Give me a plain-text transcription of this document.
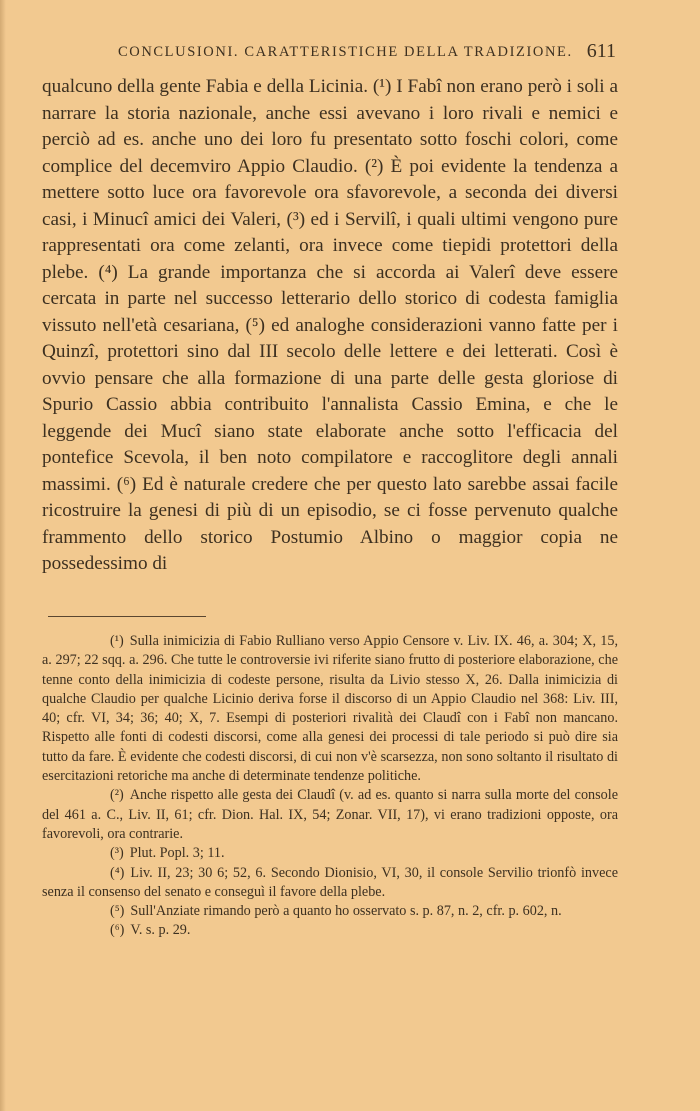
CONCLUSIONI. CARATTERISTICHE DELLA TRADIZIONE. 611

qualcuno della gente Fabia e della Licinia. (¹) I Fabî non erano però i soli a narrare la storia nazionale, anche essi avevano i loro rivali e nemici e perciò ad es. anche uno dei loro fu presentato sotto foschi colori, come complice del decemviro Appio Claudio. (²) È poi evidente la tendenza a mettere sotto luce ora favorevole ora sfavorevole, a seconda dei diversi casi, i Minucî amici dei Valeri, (³) ed i Servilî, i quali ultimi vengono pure rappresentati ora come zelanti, ora invece come tiepidi protettori della plebe. (⁴) La grande importanza che si accorda ai Valerî deve essere cercata in parte nel successo letterario dello storico di codesta famiglia vissuto nell'età cesariana, (⁵) ed analoghe considerazioni vanno fatte per i Quinzî, protettori sino dal III secolo delle lettere e dei letterati. Così è ovvio pensare che alla formazione di una parte delle gesta gloriose di Spurio Cassio abbia contribuito l'annalista Cassio Emina, e che le leggende dei Mucî siano state elaborate anche sotto l'efficacia del pontefice Scevola, il ben noto compilatore e raccoglitore degli annali massimi. (⁶) Ed è naturale credere che per questo lato sarebbe assai facile ricostruire la genesi di più di un episodio, se ci fosse pervenuto qualche frammento dello storico Postumio Albino o maggior copia ne possedessimo di

(¹) Sulla inimicizia di Fabio Rulliano verso Appio Censore v. Liv. IX. 46, a. 304; X, 15, a. 297; 22 sqq. a. 296. Che tutte le controversie ivi riferite siano frutto di posteriore elaborazione, che tenne conto della inimicizia di codeste persone, risulta da Livio stesso X, 26. Dalla inimicizia di qualche Claudio per qualche Licinio deriva forse il discorso di un Appio Claudio nel 368: Liv. III, 40; cfr. VI, 34; 36; 40; X, 7. Esempi di posteriori rivalità dei Claudî con i Fabî non mancano. Rispetto alle fonti di codesti discorsi, come alla genesi dei processi di tale periodo si può dire sia tutto da fare. È evidente che codesti discorsi, di cui non v'è scarsezza, non sono soltanto il risultato di esercitazioni retoriche ma anche di determinate tendenze politiche.

(²) Anche rispetto alle gesta dei Claudî (v. ad es. quanto si narra sulla morte del console del 461 a. C., Liv. II, 61; cfr. Dion. Hal. IX, 54; Zonar. VII, 17), vi erano tradizioni opposte, ora favorevoli, ora contrarie.

(³) Plut. Popl. 3; 11.

(⁴) Liv. II, 23; 30 6; 52, 6. Secondo Dionisio, VI, 30, il console Servilio trionfò invece senza il consenso del senato e conseguì il favore della plebe.

(⁵) Sull'Anziate rimando però a quanto ho osservato s. p. 87, n. 2, cfr. p. 602, n.

(⁶) V. s. p. 29.
